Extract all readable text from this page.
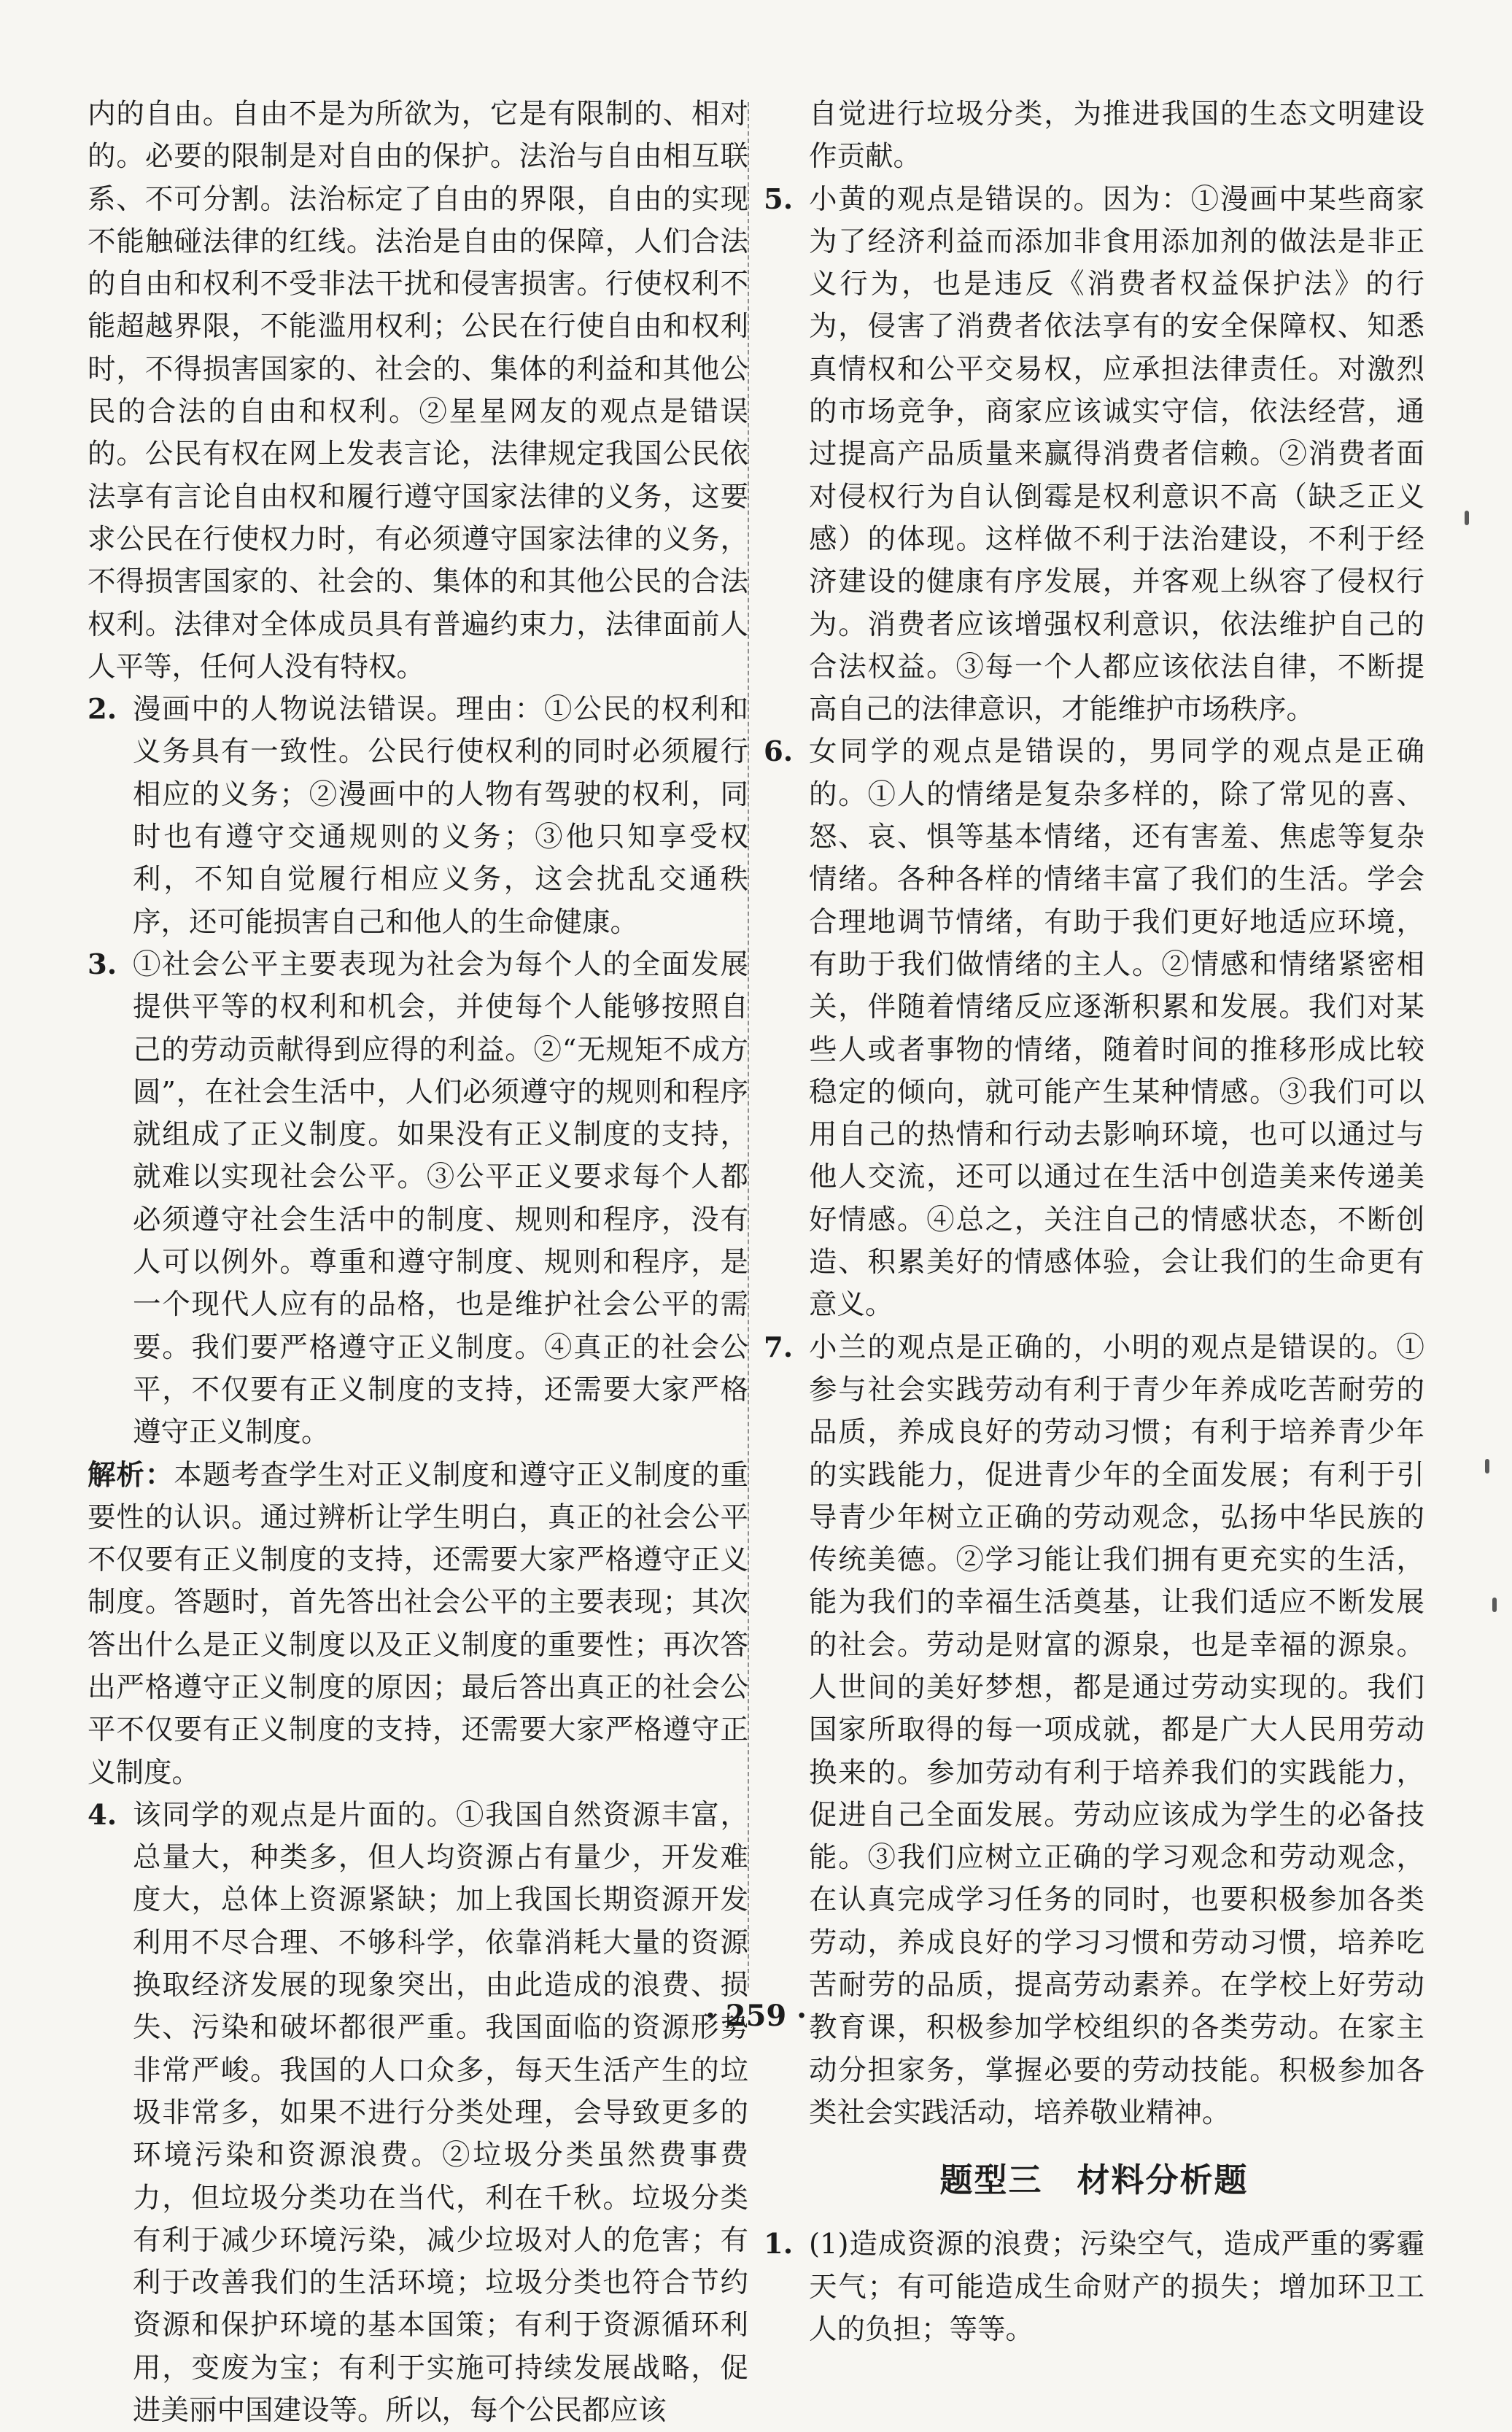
内的自由。自由不是为所欲为，它是有限制的、相对的。必要的限制是对自由的保护。法治与自由相互联系、不可分割。法治标定了自由的界限，自由的实现不能触碰法律的红线。法治是自由的保障，人们合法的自由和权利不受非法干扰和侵害损害。行使权利不能超越界限，不能滥用权利；公民在行使自由和权利时，不得损害国家的、社会的、集体的利益和其他公民的合法的自由和权利。②星星网友的观点是错误的。公民有权在网上发表言论，法律规定我国公民依法享有言论自由权和履行遵守国家法律的义务，这要求公民在行使权力时，有必须遵守国家法律的义务，不得损害国家的、社会的、集体的和其他公民的合法权利。法律对全体成员具有普遍约束力，法律面前人人平等，任何人没有特权。

2. 漫画中的人物说法错误。理由：①公民的权利和义务具有一致性。公民行使权利的同时必须履行相应的义务；②漫画中的人物有驾驶的权利，同时也有遵守交通规则的义务；③他只知享受权利，不知自觉履行相应义务，这会扰乱交通秩序，还可能损害自己和他人的生命健康。
3. ①社会公平主要表现为社会为每个人的全面发展提供平等的权利和机会，并使每个人能够按照自己的劳动贡献得到应得的利益。②“无规矩不成方圆”，在社会生活中，人们必须遵守的规则和程序就组成了正义制度。如果没有正义制度的支持，就难以实现社会公平。③公平正义要求每个人都必须遵守社会生活中的制度、规则和程序，没有人可以例外。尊重和遵守制度、规则和程序，是一个现代人应有的品格，也是维护社会公平的需要。我们要严格遵守正义制度。④真正的社会公平，不仅要有正义制度的支持，还需要大家严格遵守正义制度。

解析：本题考查学生对正义制度和遵守正义制度的重要性的认识。通过辨析让学生明白，真正的社会公平不仅要有正义制度的支持，还需要大家严格遵守正义制度。答题时，首先答出社会公平的主要表现；其次答出什么是正义制度以及正义制度的重要性；再次答出严格遵守正义制度的原因；最后答出真正的社会公平不仅要有正义制度的支持，还需要大家严格遵守正义制度。

4. 该同学的观点是片面的。①我国自然资源丰富，总量大，种类多，但人均资源占有量少，开发难度大，总体上资源紧缺；加上我国长期资源开发利用不尽合理、不够科学，依靠消耗大量的资源换取经济发展的现象突出，由此造成的浪费、损失、污染和破坏都很严重。我国面临的资源形势非常严峻。我国的人口众多，每天生活产生的垃圾非常多，如果不进行分类处理，会导致更多的环境污染和资源浪费。②垃圾分类虽然费事费力，但垃圾分类功在当代，利在千秋。垃圾分类有利于减少环境污染，减少垃圾对人的危害；有利于改善我们的生活环境；垃圾分类也符合节约资源和保护环境的基本国策；有利于资源循环利用，变废为宝；有利于实施可持续发展战略，促进美丽中国建设等。所以，每个公民都应该

自觉进行垃圾分类，为推进我国的生态文明建设作贡献。

5. 小黄的观点是错误的。因为：①漫画中某些商家为了经济利益而添加非食用添加剂的做法是非正义行为，也是违反《消费者权益保护法》的行为，侵害了消费者依法享有的安全保障权、知悉真情权和公平交易权，应承担法律责任。对激烈的市场竞争，商家应该诚实守信，依法经营，通过提高产品质量来赢得消费者信赖。②消费者面对侵权行为自认倒霉是权利意识不高（缺乏正义感）的体现。这样做不利于法治建设，不利于经济建设的健康有序发展，并客观上纵容了侵权行为。消费者应该增强权利意识，依法维护自己的合法权益。③每一个人都应该依法自律，不断提高自己的法律意识，才能维护市场秩序。
6. 女同学的观点是错误的，男同学的观点是正确的。①人的情绪是复杂多样的，除了常见的喜、怒、哀、惧等基本情绪，还有害羞、焦虑等复杂情绪。各种各样的情绪丰富了我们的生活。学会合理地调节情绪，有助于我们更好地适应环境，有助于我们做情绪的主人。②情感和情绪紧密相关，伴随着情绪反应逐渐积累和发展。我们对某些人或者事物的情绪，随着时间的推移形成比较稳定的倾向，就可能产生某种情感。③我们可以用自己的热情和行动去影响环境，也可以通过与他人交流，还可以通过在生活中创造美来传递美好情感。④总之，关注自己的情感状态，不断创造、积累美好的情感体验，会让我们的生命更有意义。
7. 小兰的观点是正确的，小明的观点是错误的。①参与社会实践劳动有利于青少年养成吃苦耐劳的品质，养成良好的劳动习惯；有利于培养青少年的实践能力，促进青少年的全面发展；有利于引导青少年树立正确的劳动观念，弘扬中华民族的传统美德。②学习能让我们拥有更充实的生活，能为我们的幸福生活奠基，让我们适应不断发展的社会。劳动是财富的源泉，也是幸福的源泉。人世间的美好梦想，都是通过劳动实现的。我们国家所取得的每一项成就，都是广大人民用劳动换来的。参加劳动有利于培养我们的实践能力，促进自己全面发展。劳动应该成为学生的必备技能。③我们应树立正确的学习观念和劳动观念，在认真完成学习任务的同时，也要积极参加各类劳动，养成良好的学习习惯和劳动习惯，培养吃苦耐劳的品质，提高劳动素养。在学校上好劳动教育课，积极参加学校组织的各类劳动。在家主动分担家务，掌握必要的劳动技能。积极参加各类社会实践活动，培养敬业精神。
题型三　材料分析题
1. (1)造成资源的浪费；污染空气，造成严重的雾霾天气；有可能造成生命财产的损失；增加环卫工人的负担；等等。
· 259 ·
